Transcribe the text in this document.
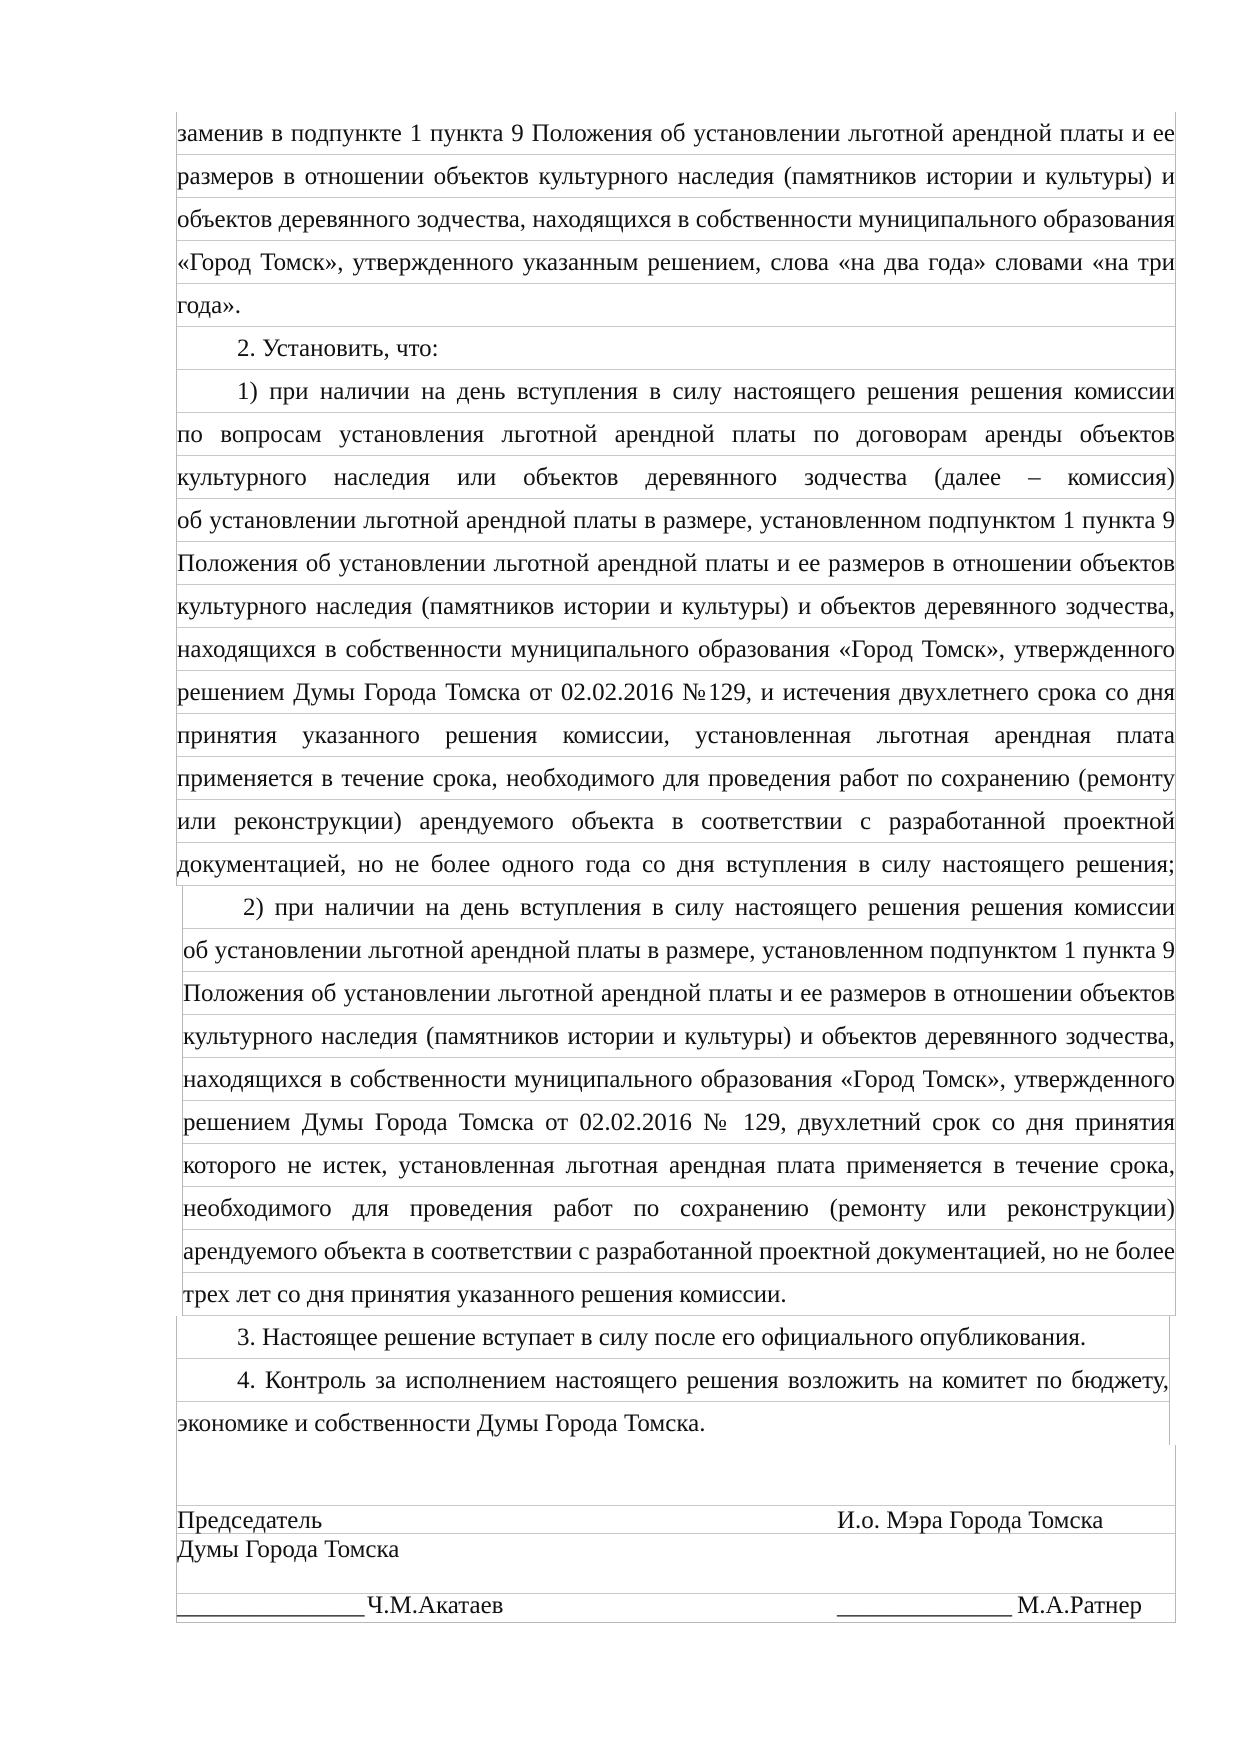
заменив в подпункте 1 пункта 9 Положения об установлении льготной арендной платы и ее
размеров в отношении объектов культурного наследия (памятников истории и культуры) и
объектов деревянного зодчества, находящихся в собственности муниципального образования
«Город Томск», утвержденного указанным решением, слова «на два года» словами «на три
года».
2. Установить, что:
1) при наличии на день вступления в силу настоящего решения решения комиссии
по вопросам установления льготной арендной платы по договорам аренды объектов
культурного наследия или объектов деревянного зодчества (далее – комиссия)
об установлении льготной арендной платы в размере, установленном подпунктом 1 пункта 9
Положения об установлении льготной арендной платы и ее размеров в отношении объектов
культурного наследия (памятников истории и культуры) и объектов деревянного зодчества,
находящихся в собственности муниципального образования «Город Томск», утвержденного
решением Думы Города Томска от 02.02.2016 №129, и истечения двухлетнего срока со дня
принятия указанного решения комиссии, установленная льготная арендная плата
применяется в течение срока, необходимого для проведения работ по сохранению (ремонту
или реконструкции) арендуемого объекта в соответствии с разработанной проектной
документацией, но не более одного года со дня вступления в силу настоящего решения;
2) при наличии на день вступления в силу настоящего решения решения комиссии
об установлении льготной арендной платы в размере, установленном подпунктом 1 пункта 9
Положения об установлении льготной арендной платы и ее размеров в отношении объектов
культурного наследия (памятников истории и культуры) и объектов деревянного зодчества,
находящихся в собственности муниципального образования «Город Томск», утвержденного
решением Думы Города Томска от 02.02.2016 № 129, двухлетний срок со дня принятия
которого не истек, установленная льготная арендная плата применяется в течение срока,
необходимого для проведения работ по сохранению (ремонту или реконструкции)
арендуемого объекта в соответствии с разработанной проектной документацией, но не более
трех лет со дня принятия указанного решения комиссии.
3. Настоящее решение вступает в силу после его официального опубликования.
4. Контроль за исполнением настоящего решения возложить на комитет по бюджету,
экономике и собственности Думы Города Томска.
Председатель	И.о. Мэра Города Томска
Думы Города Томска
_______________ Ч.М.Акатаев	______________ М.А.Ратнер
